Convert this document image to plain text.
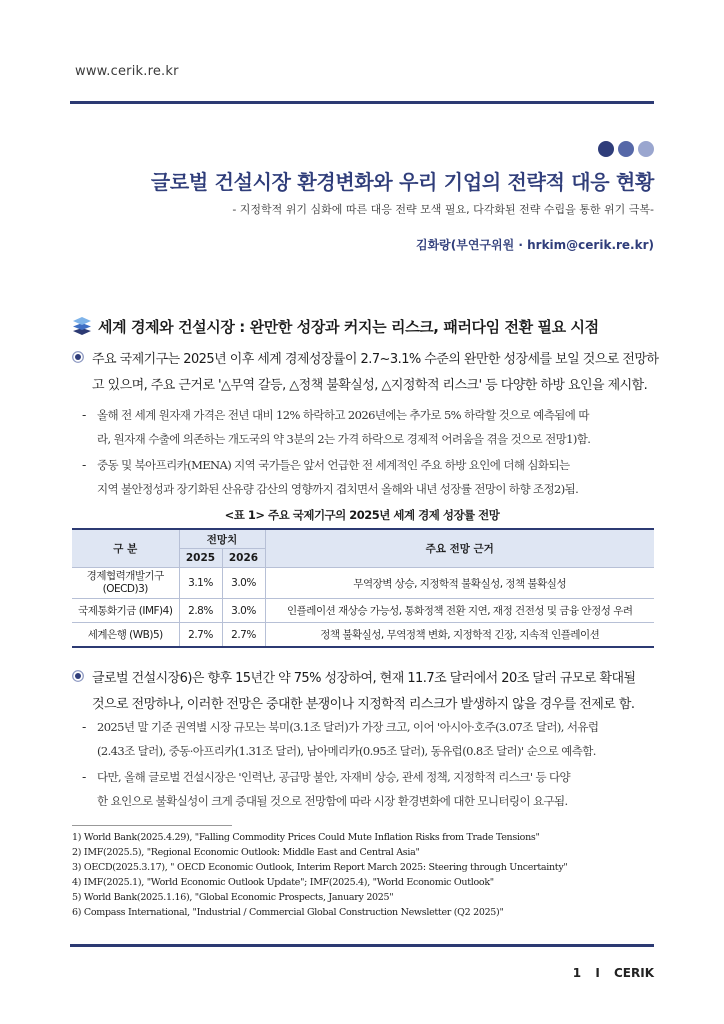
www.cerik.re.kr
글로벌 건설시장 환경변화와 우리 기업의 전략적 대응 현황
- 지정학적 위기 심화에 따른 대응 전략 모색 필요, 다각화된 전략 수립을 통한 위기 극복-
김화랑(부연구위원 · hrkim@cerik.re.kr)
세계 경제와 건설시장 : 완만한 성장과 커지는 리스크, 패러다임 전환 필요 시점
주요 국제기구는 2025년 이후 세계 경제성장률이 2.7~3.1% 수준의 완만한 성장세를 보일 것으로 전망하
고 있으며, 주요 근거로 '△무역 갈등, △정책 불확실성, △지정학적 리스크' 등 다양한 하방 요인을 제시함.
- 올해 전 세계 원자재 가격은 전년 대비 12% 하락하고 2026년에는 추가로 5% 하락할 것으로 예측됨에 따
라, 원자재 수출에 의존하는 개도국의 약 3분의 2는 가격 하락으로 경제적 어려움을 겪을 것으로 전망1)함.
- 중동 및 북아프리카(MENA) 지역 국가들은 앞서 언급한 전 세계적인 주요 하방 요인에 더해 심화되는
지역 불안정성과 장기화된 산유량 감산의 영향까지 겹치면서 올해와 내년 성장률 전망이 하향 조정2)됨.
<표 1> 주요 국제기구의 2025년 세계 경제 성장률 전망
구 분	전망치		주요 전망 근거
	2025	2026	

경제협력개발기구
(OECD)3)	3.1%	3.0%	무역장벽 상승, 지정학적 불확실성, 정책 불확실성
국제통화기금 (IMF)4)	2.8%	3.0%	인플레이션 재상승 가능성, 통화정책 전환 지연, 재정 건전성 및 금융 안정성 우려
세계은행 (WB)5)	2.7%	2.7%	정책 불확실성, 무역정책 변화, 지정학적 긴장, 지속적 인플레이션
글로벌 건설시장6)은 향후 15년간 약 75% 성장하여, 현재 11.7조 달러에서 20조 달러 규모로 확대될
것으로 전망하나, 이러한 전망은 중대한 분쟁이나 지정학적 리스크가 발생하지 않을 경우를 전제로 함.
- 2025년 말 기준 권역별 시장 규모는 북미(3.1조 달러)가 가장 크고, 이어 '아시아·호주(3.07조 달러), 서유럽
(2.43조 달러), 중동·아프리카(1.31조 달러), 남아메리카(0.95조 달러), 동유럽(0.8조 달러)' 순으로 예측함.
- 다만, 올해 글로벌 건설시장은 '인력난, 공급망 불안, 자재비 상승, 관세 정책, 지정학적 리스크' 등 다양
한 요인으로 불확실성이 크게 증대될 것으로 전망함에 따라 시장 환경변화에 대한 모니터링이 요구됨.
1) World Bank(2025.4.29), "Falling Commodity Prices Could Mute Inflation Risks from Trade Tensions"
2) IMF(2025.5), "Regional Economic Outlook: Middle East and Central Asia"
3) OECD(2025.3.17), " OECD Economic Outlook, Interim Report March 2025: Steering through Uncertainty"
4) IMF(2025.1), "World Economic Outlook Update"; IMF(2025.4), "World Economic Outlook"
5) World Bank(2025.1.16), "Global Economic Prospects, January 2025"
6) Compass International, "Industrial / Commercial Global Construction Newsletter (Q2 2025)"
1 I CERIK
